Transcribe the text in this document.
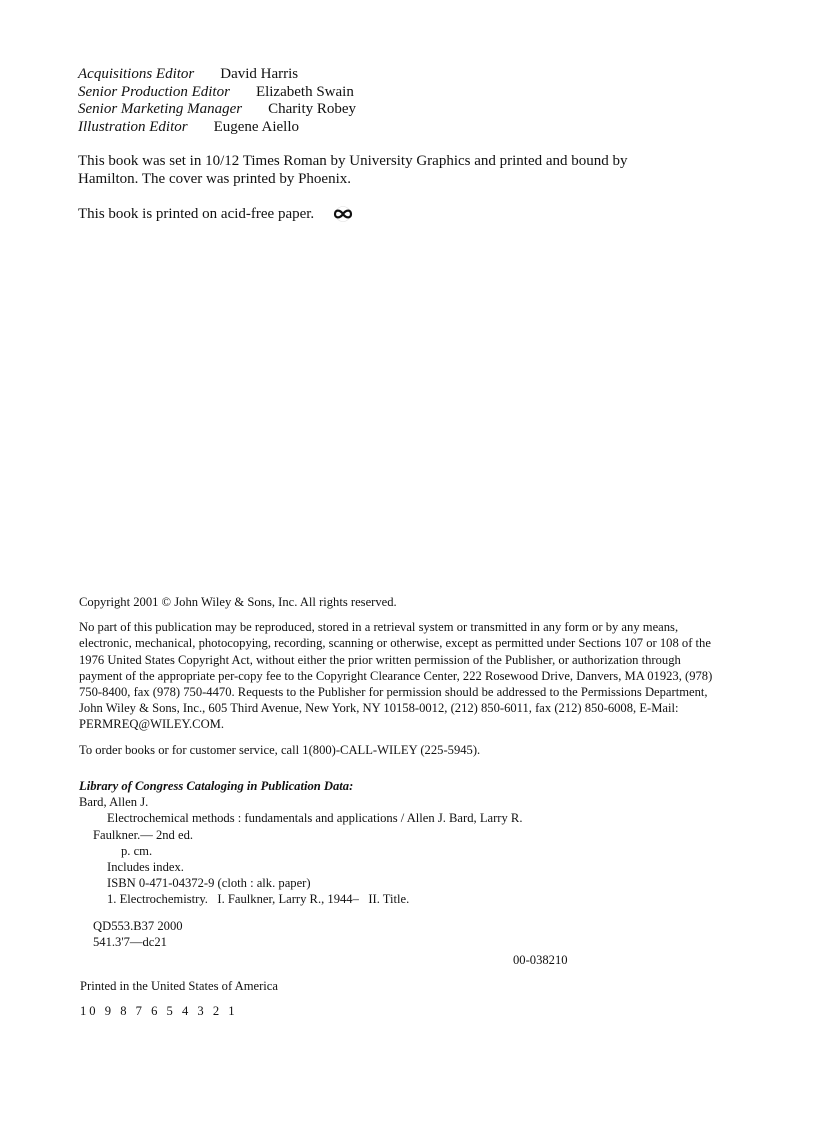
Acquisitions Editor David Harris
Senior Production Editor Elizabeth Swain
Senior Marketing Manager Charity Robey
Illustration Editor Eugene Aiello
This book was set in 10/12 Times Roman by University Graphics and printed and bound by Hamilton. The cover was printed by Phoenix.
This book is printed on acid-free paper.

Copyright 2001 © John Wiley & Sons, Inc. All rights reserved.

No part of this publication may be reproduced, stored in a retrieval system or transmitted in any form or by any means, electronic, mechanical, photocopying, recording, scanning or otherwise, except as permitted under Sections 107 or 108 of the 1976 United States Copyright Act, without either the prior written permission of the Publisher, or authorization through payment of the appropriate per-copy fee to the Copyright Clearance Center, 222 Rosewood Drive, Danvers, MA 01923, (978) 750-8400, fax (978) 750-4470. Requests to the Publisher for permission should be addressed to the Permissions Department, John Wiley & Sons, Inc., 605 Third Avenue, New York, NY 10158-0012, (212) 850-6011, fax (212) 850-6008, E-Mail: PERMREQ@WILEY.COM.

To order books or for customer service, call 1(800)-CALL-WILEY (225-5945).

Library of Congress Cataloging in Publication Data:
Bard, Allen J.
Electrochemical methods : fundamentals and applications / Allen J. Bard, Larry R.
Faulkner.— 2nd ed.
p. cm.
Includes index.
ISBN 0-471-04372-9 (cloth : alk. paper)
1. Electrochemistry.   I. Faulkner, Larry R., 1944–   II. Title.
QD553.B37 2000
541.3'7—dc21
00-038210
Printed in the United States of America
10 9 8 7 6 5 4 3 2 1
